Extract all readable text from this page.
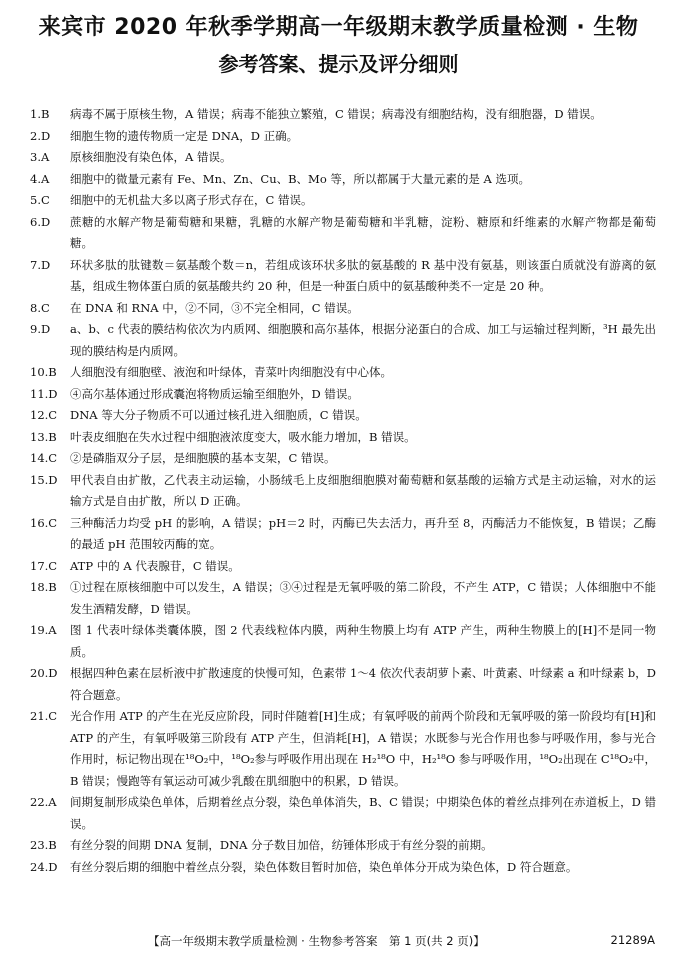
来宾市 2020 年秋季学期高一年级期末教学质量检测 · 生物
参考答案、提示及评分细则
1.B	病毒不属于原核生物，A 错误；病毒不能独立繁殖，C 错误；病毒没有细胞结构，没有细胞器，D 错误。
2.D	细胞生物的遗传物质一定是 DNA，D 正确。
3.A	原核细胞没有染色体，A 错误。
4.A	细胞中的微量元素有 Fe、Mn、Zn、Cu、B、Mo 等，所以都属于大量元素的是 A 选项。
5.C	细胞中的无机盐大多以离子形式存在，C 错误。
6.D	蔗糖的水解产物是葡萄糖和果糖，乳糖的水解产物是葡萄糖和半乳糖，淀粉、糖原和纤维素的水解产物都是葡萄糖。
7.D	环状多肽的肽键数＝氨基酸个数＝n，若组成该环状多肽的氨基酸的 R 基中没有氨基，则该蛋白质就没有游离的氨基，组成生物体蛋白质的氨基酸共约 20 种，但是一种蛋白质中的氨基酸种类不一定是 20 种。
8.C	在 DNA 和 RNA 中，②不同，③不完全相同，C 错误。
9.D	a、b、c 代表的膜结构依次为内质网、细胞膜和高尔基体，根据分泌蛋白的合成、加工与运输过程判断，³H 最先出现的膜结构是内质网。
10.B	人细胞没有细胞壁、液泡和叶绿体，青菜叶肉细胞没有中心体。
11.D	④高尔基体通过形成囊泡将物质运输至细胞外，D 错误。
12.C	DNA 等大分子物质不可以通过核孔进入细胞质，C 错误。
13.B	叶表皮细胞在失水过程中细胞液浓度变大，吸水能力增加，B 错误。
14.C	②是磷脂双分子层，是细胞膜的基本支架，C 错误。
15.D	甲代表自由扩散，乙代表主动运输，小肠绒毛上皮细胞细胞膜对葡萄糖和氨基酸的运输方式是主动运输，对水的运输方式是自由扩散，所以 D 正确。
16.C	三种酶活力均受 pH 的影响，A 错误；pH＝2 时，丙酶已失去活力，再升至 8，丙酶活力不能恢复，B 错误；乙酶的最适 pH 范围较丙酶的宽。
17.C	ATP 中的 A 代表腺苷，C 错误。
18.B	①过程在原核细胞中可以发生，A 错误；③④过程是无氧呼吸的第二阶段，不产生 ATP，C 错误；人体细胞中不能发生酒精发酵，D 错误。
19.A	图 1 代表叶绿体类囊体膜，图 2 代表线粒体内膜，两种生物膜上均有 ATP 产生，两种生物膜上的[H]不是同一物质。
20.D	根据四种色素在层析液中扩散速度的快慢可知，色素带 1～4 依次代表胡萝卜素、叶黄素、叶绿素 a 和叶绿素 b，D 符合题意。
21.C	光合作用 ATP 的产生在光反应阶段，同时伴随着[H]生成；有氧呼吸的前两个阶段和无氧呼吸的第一阶段均有[H]和 ATP 的产生，有氧呼吸第三阶段有 ATP 产生，但消耗[H]，A 错误；水既参与光合作用也参与呼吸作用，参与光合作用时，标记物出现在¹⁸O₂中，¹⁸O₂参与呼吸作用出现在 H₂¹⁸O 中，H₂¹⁸O 参与呼吸作用，¹⁸O₂出现在 C¹⁸O₂中，B 错误；慢跑等有氧运动可减少乳酸在肌细胞中的积累，D 错误。
22.A	间期复制形成染色单体，后期着丝点分裂，染色单体消失，B、C 错误；中期染色体的着丝点排列在赤道板上，D 错误。
23.B	有丝分裂的间期 DNA 复制，DNA 分子数目加倍，纺锤体形成于有丝分裂的前期。
24.D	有丝分裂后期的细胞中着丝点分裂，染色体数目暂时加倍，染色单体分开成为染色体，D 符合题意。
【高一年级期末教学质量检测 · 生物参考答案　第 1 页(共 2 页)】	21289A
